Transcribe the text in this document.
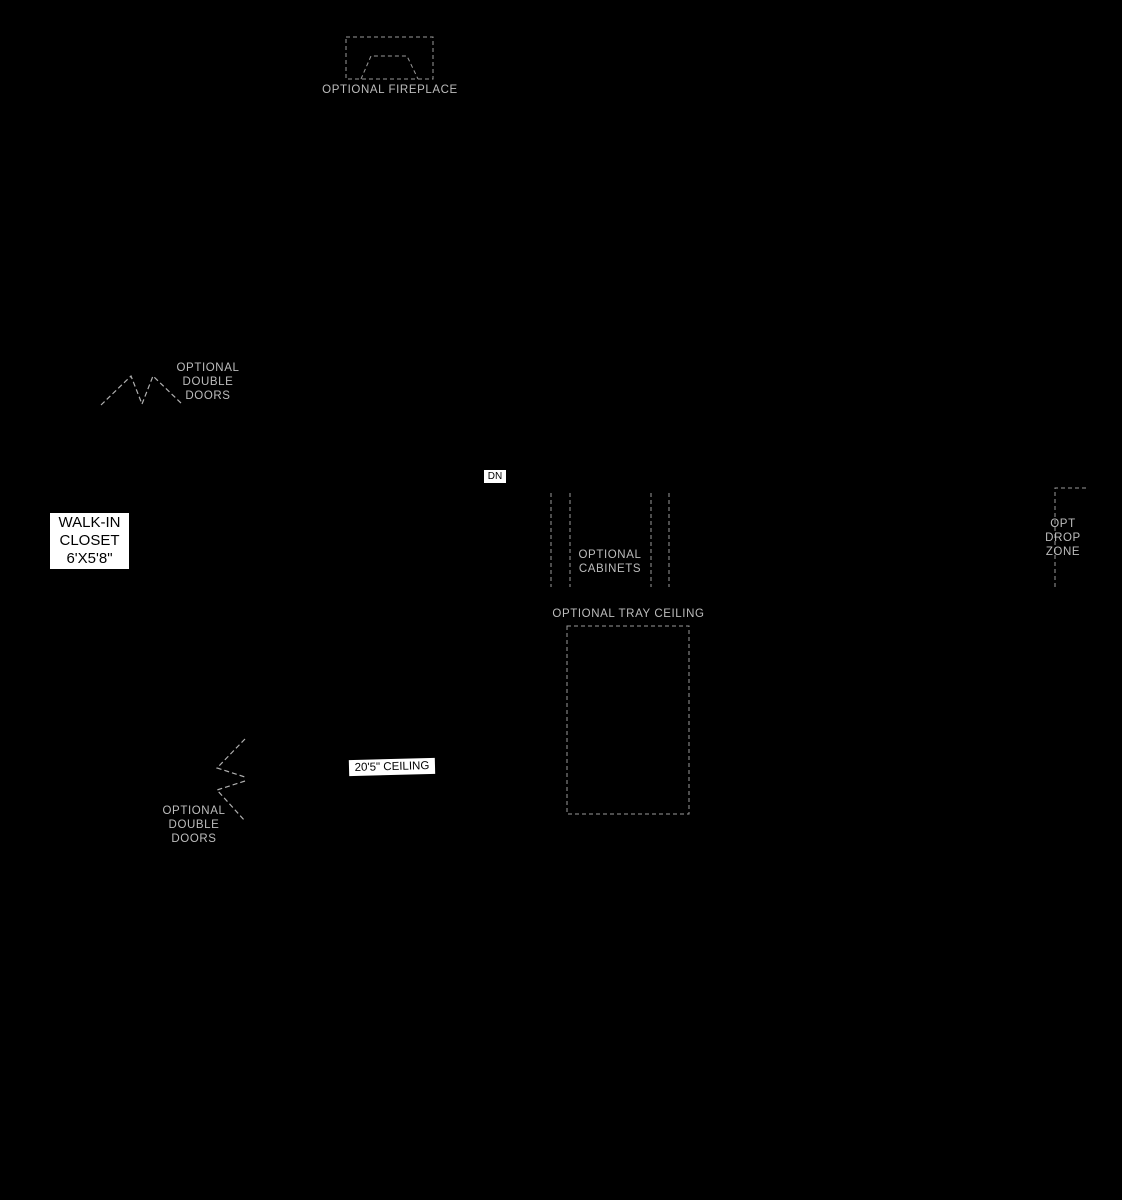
OPTIONAL FIREPLACE
OPTIONAL
DOUBLE
DOORS
WALK-IN
CLOSET
6'X5'8"
DN
OPTIONAL
CABINETS
OPTIONAL TRAY CEILING
OPT
DROP
ZONE
20'5" CEILING
OPTIONAL
DOUBLE
DOORS
